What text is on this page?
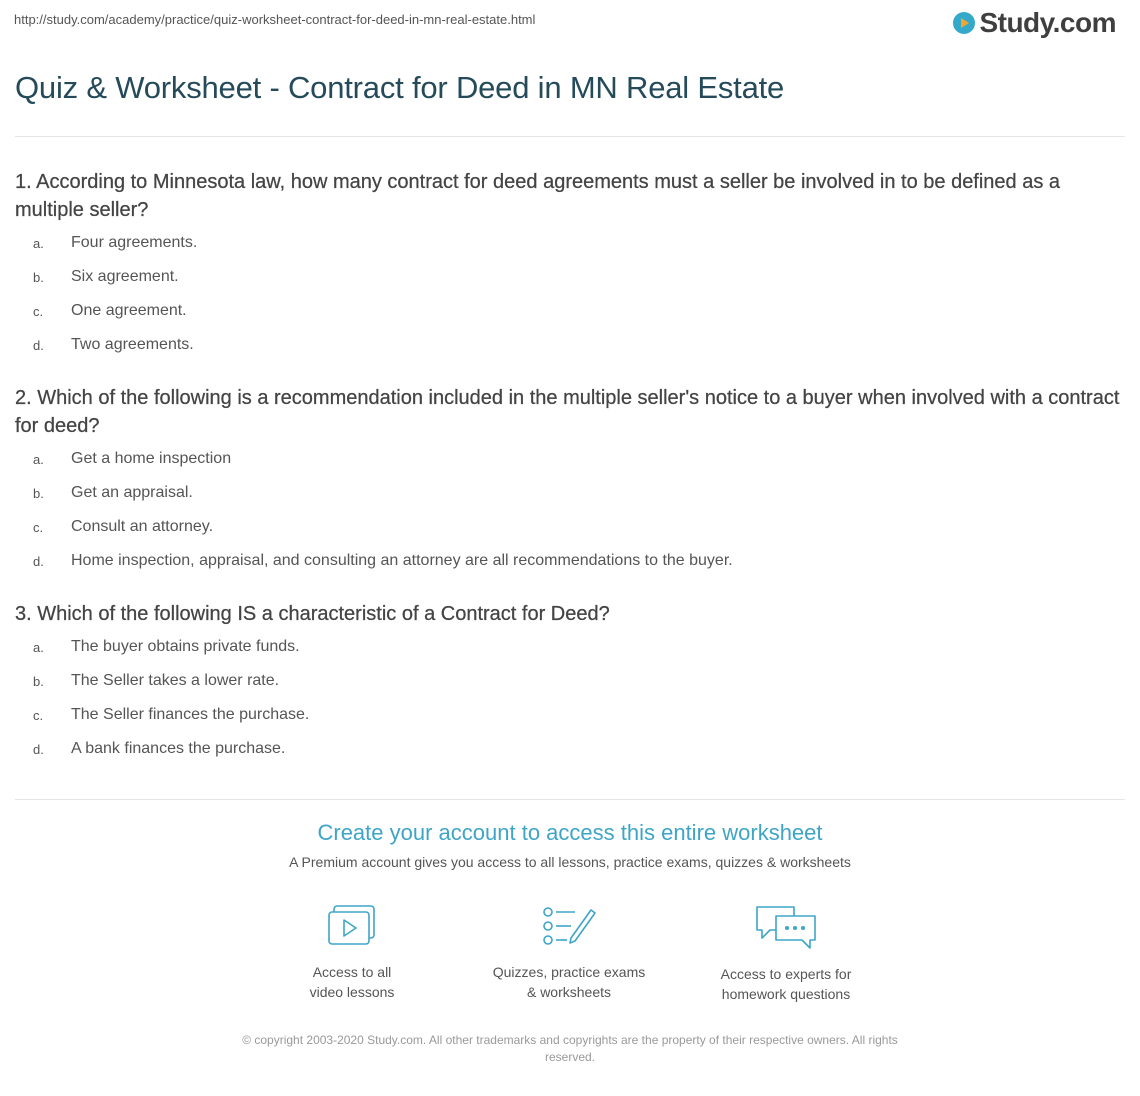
http://study.com/academy/practice/quiz-worksheet-contract-for-deed-in-mn-real-estate.html	Study.com
Quiz & Worksheet - Contract for Deed in MN Real Estate
1. According to Minnesota law, how many contract for deed agreements must a seller be involved in to be defined as a multiple seller?
a.	Four agreements.
b.	Six agreement.
c.	One agreement.
d.	Two agreements.
2. Which of the following is a recommendation included in the multiple seller's notice to a buyer when involved with a contract for deed?
a.	Get a home inspection
b.	Get an appraisal.
c.	Consult an attorney.
d.	Home inspection, appraisal, and consulting an attorney are all recommendations to the buyer.
3. Which of the following IS a characteristic of a Contract for Deed?
a.	The buyer obtains private funds.
b.	The Seller takes a lower rate.
c.	The Seller finances the purchase.
d.	A bank finances the purchase.
Create your account to access this entire worksheet
A Premium account gives you access to all lessons, practice exams, quizzes & worksheets
Access to all
video lessons
Quizzes, practice exams
& worksheets
Access to experts for
homework questions
© copyright 2003-2020 Study.com. All other trademarks and copyrights are the property of their respective owners. All rights reserved.
